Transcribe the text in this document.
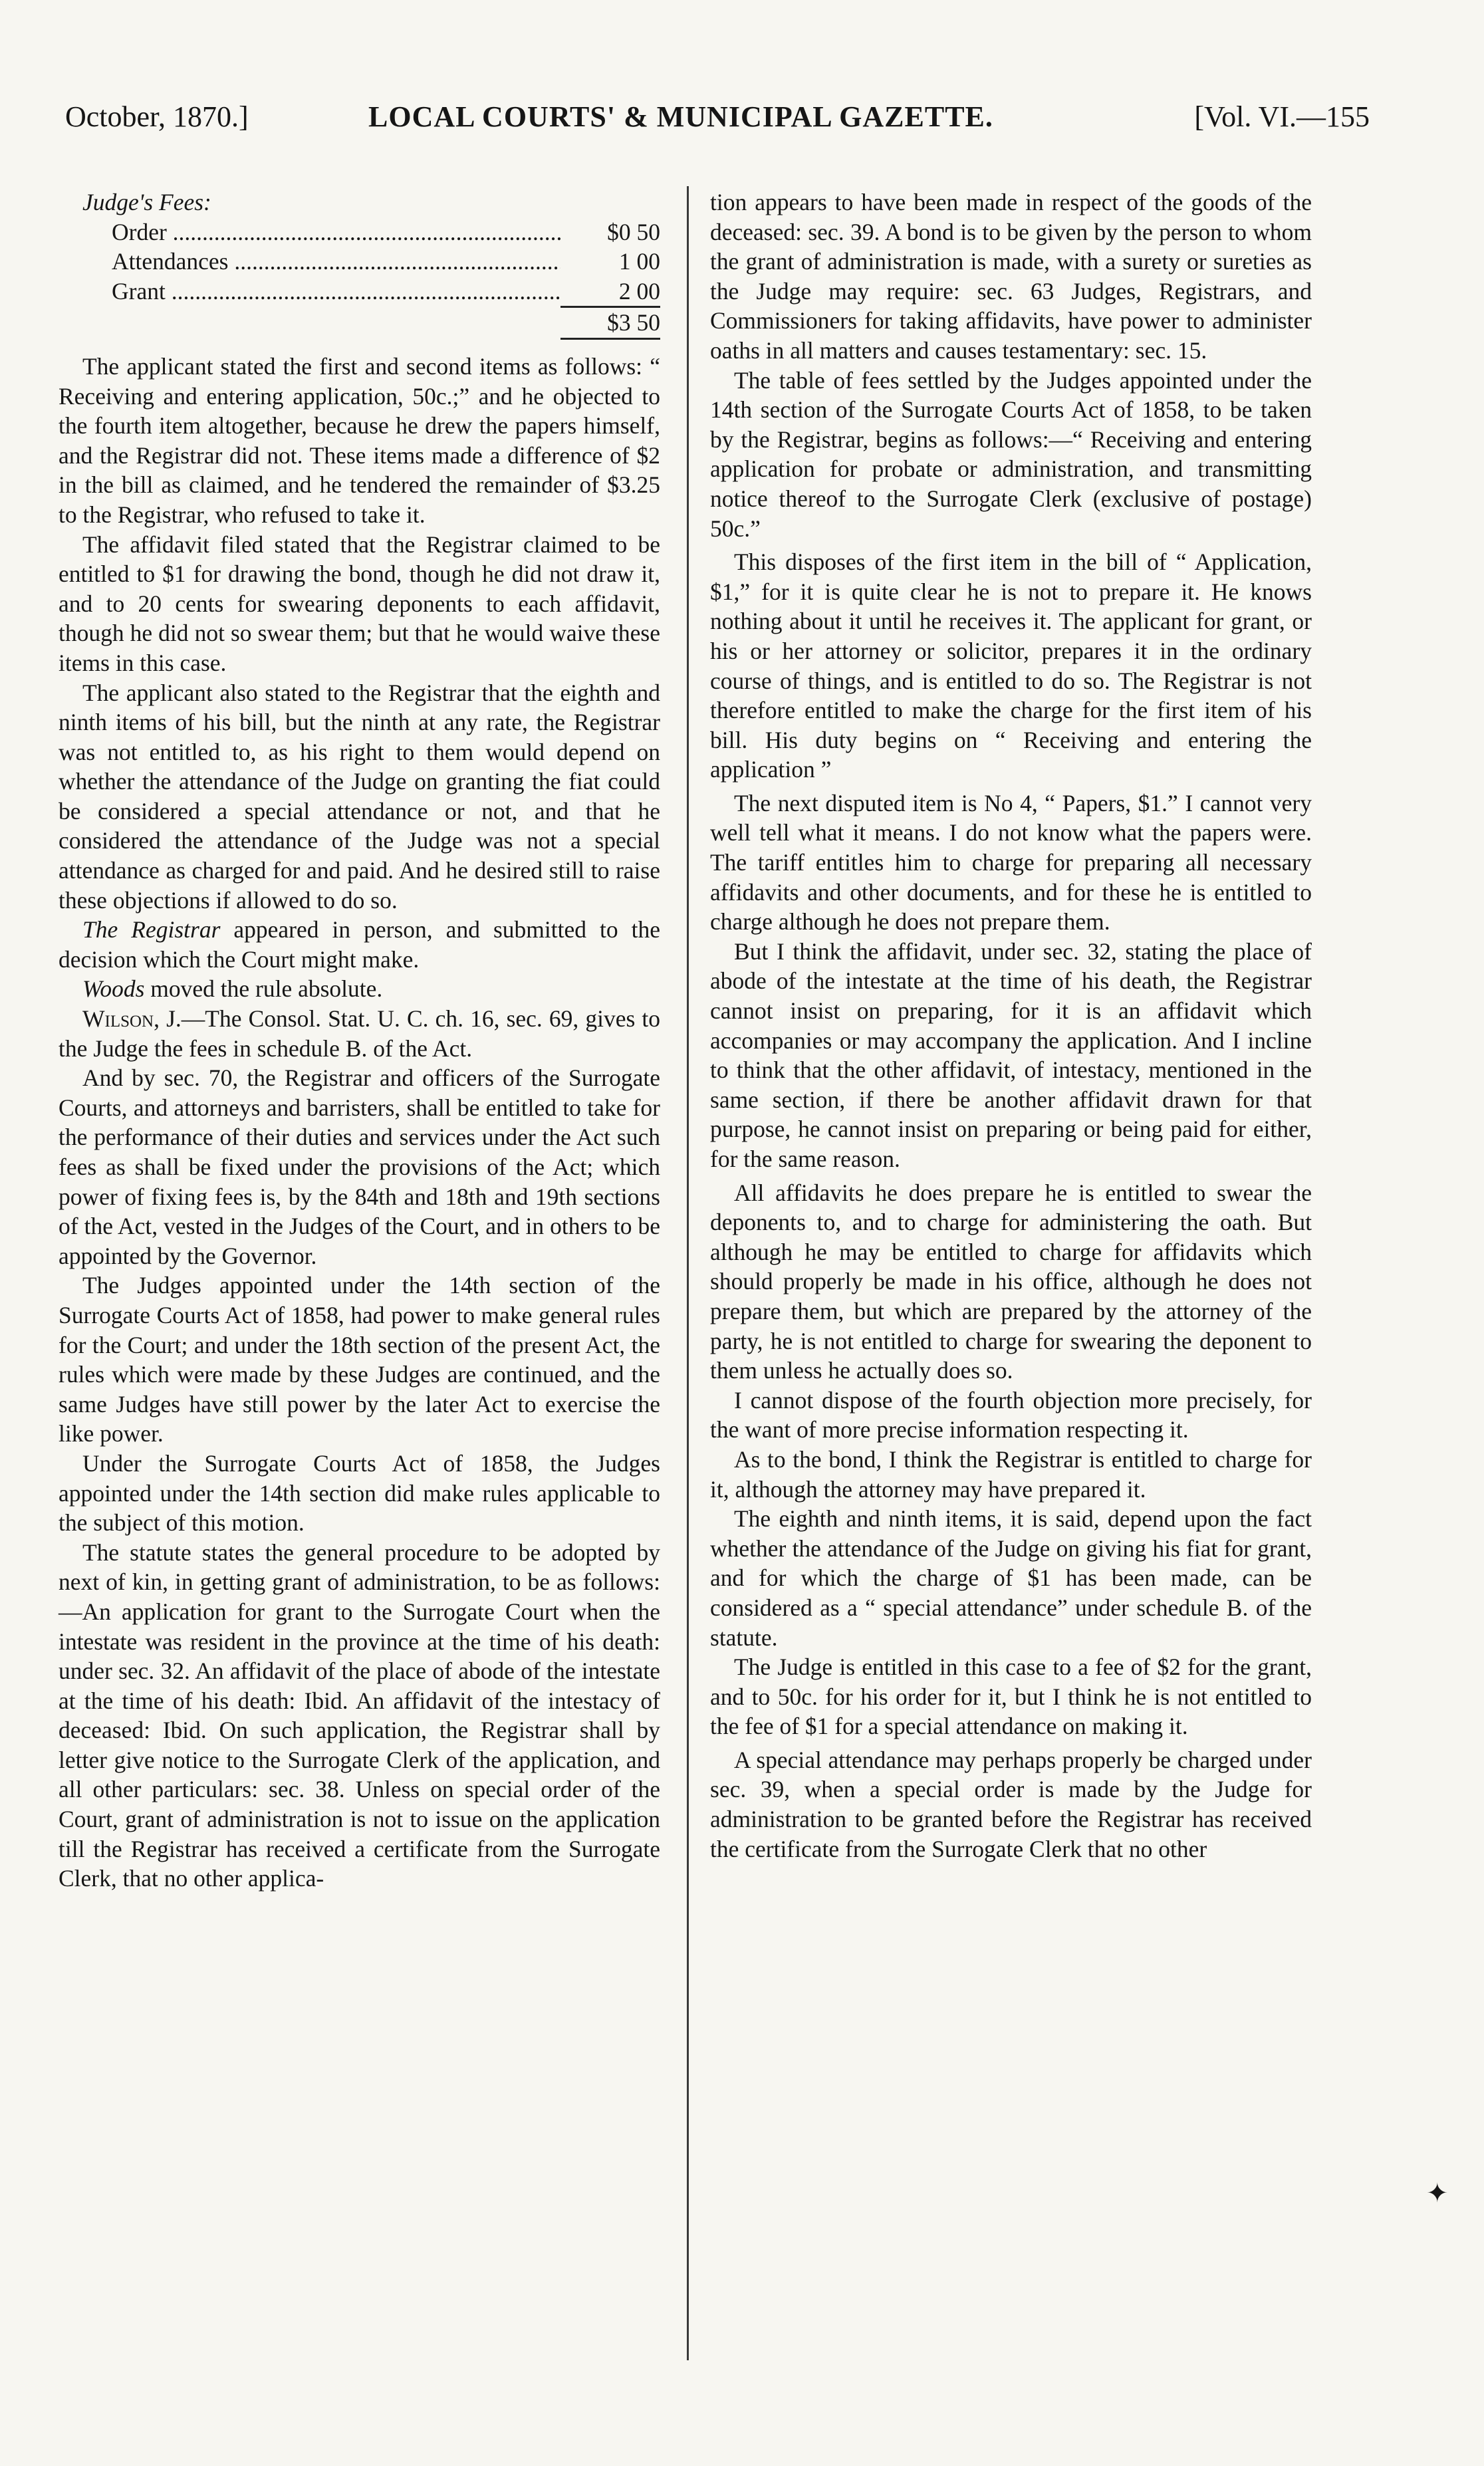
October, 1870.]	LOCAL COURTS' & MUNICIPAL GAZETTE.	[Vol. VI.—155
Judge's Fees:
Order .....	$0 50
Attendances .....	1 00
Grant .....	2 00
$3 50

The applicant stated the first and second items as follows: “ Receiving and entering application, 50c.;” and he objected to the fourth item altogether, because he drew the papers himself, and the Registrar did not. These items made a difference of $2 in the bill as claimed, and he tendered the remainder of $3.25 to the Registrar, who refused to take it.

The affidavit filed stated that the Registrar claimed to be entitled to $1 for drawing the bond, though he did not draw it, and to 20 cents for swearing deponents to each affidavit, though he did not so swear them; but that he would waive these items in this case.

The applicant also stated to the Registrar that the eighth and ninth items of his bill, but the ninth at any rate, the Registrar was not entitled to, as his right to them would depend on whether the attendance of the Judge on granting the fiat could be considered a special attendance or not, and that he considered the attendance of the Judge was not a special attendance as charged for and paid. And he desired still to raise these objections if allowed to do so.

The Registrar appeared in person, and submitted to the decision which the Court might make.

Woods moved the rule absolute.

Wilson, J.—The Consol. Stat. U. C. ch. 16, sec. 69, gives to the Judge the fees in schedule B. of the Act.

And by sec. 70, the Registrar and officers of the Surrogate Courts, and attorneys and barristers, shall be entitled to take for the performance of their duties and services under the Act such fees as shall be fixed under the provisions of the Act; which power of fixing fees is, by the 84th and 18th and 19th sections of the Act, vested in the Judges of the Court, and in others to be appointed by the Governor.

The Judges appointed under the 14th section of the Surrogate Courts Act of 1858, had power to make general rules for the Court; and under the 18th section of the present Act, the rules which were made by these Judges are continued, and the same Judges have still power by the later Act to exercise the like power.

Under the Surrogate Courts Act of 1858, the Judges appointed under the 14th section did make rules applicable to the subject of this motion.

The statute states the general procedure to be adopted by next of kin, in getting grant of administration, to be as follows:—An application for grant to the Surrogate Court when the intestate was resident in the province at the time of his death: under sec. 32. An affidavit of the place of abode of the intestate at the time of his death: Ibid. An affidavit of the intestacy of deceased: Ibid. On such application, the Registrar shall by letter give notice to the Surrogate Clerk of the application, and all other particulars: sec. 38. Unless on special order of the Court, grant of administration is not to issue on the application till the Registrar has received a certificate from the Surrogate Clerk, that no other applica-

tion appears to have been made in respect of the goods of the deceased: sec. 39. A bond is to be given by the person to whom the grant of administration is made, with a surety or sureties as the Judge may require: sec. 63 Judges, Registrars, and Commissioners for taking affidavits, have power to administer oaths in all matters and causes testamentary: sec. 15.

The table of fees settled by the Judges appointed under the 14th section of the Surrogate Courts Act of 1858, to be taken by the Registrar, begins as follows:—“ Receiving and entering application for probate or administration, and transmitting notice thereof to the Surrogate Clerk (exclusive of postage) 50c.”

This disposes of the first item in the bill of “ Application, $1,” for it is quite clear he is not to prepare it. He knows nothing about it until he receives it. The applicant for grant, or his or her attorney or solicitor, prepares it in the ordinary course of things, and is entitled to do so. The Registrar is not therefore entitled to make the charge for the first item of his bill. His duty begins on “ Receiving and entering the application ”

The next disputed item is No 4, “ Papers, $1.” I cannot very well tell what it means. I do not know what the papers were. The tariff entitles him to charge for preparing all necessary affidavits and other documents, and for these he is entitled to charge although he does not prepare them.

But I think the affidavit, under sec. 32, stating the place of abode of the intestate at the time of his death, the Registrar cannot insist on preparing, for it is an affidavit which accompanies or may accompany the application. And I incline to think that the other affidavit, of intestacy, mentioned in the same section, if there be another affidavit drawn for that purpose, he cannot insist on preparing or being paid for either, for the same reason.

All affidavits he does prepare he is entitled to swear the deponents to, and to charge for administering the oath. But although he may be entitled to charge for affidavits which should properly be made in his office, although he does not prepare them, but which are prepared by the attorney of the party, he is not entitled to charge for swearing the deponent to them unless he actually does so.

I cannot dispose of the fourth objection more precisely, for the want of more precise information respecting it.

As to the bond, I think the Registrar is entitled to charge for it, although the attorney may have prepared it.

The eighth and ninth items, it is said, depend upon the fact whether the attendance of the Judge on giving his fiat for grant, and for which the charge of $1 has been made, can be considered as a “ special attendance” under schedule B. of the statute.

The Judge is entitled in this case to a fee of $2 for the grant, and to 50c. for his order for it, but I think he is not entitled to the fee of $1 for a special attendance on making it.

A special attendance may perhaps properly be charged under sec. 39, when a special order is made by the Judge for administration to be granted before the Registrar has received the certificate from the Surrogate Clerk that no other

✦
